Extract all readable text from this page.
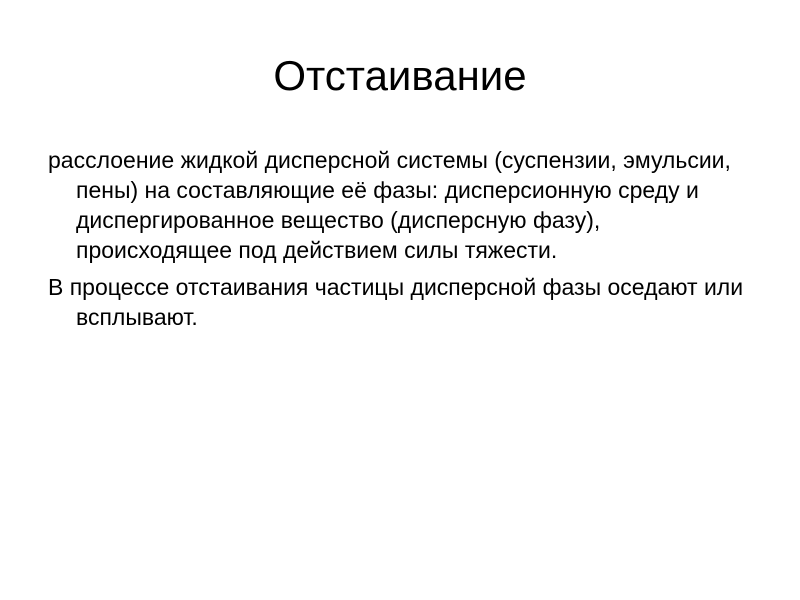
Отстаивание
расслоение жидкой дисперсной системы (суспензии, эмульсии, пены) на составляющие её фазы: дисперсионную среду и диспергированное вещество (дисперсную фазу), происходящее под действием силы тяжести.
В процессе отстаивания частицы дисперсной фазы оседают или всплывают.
